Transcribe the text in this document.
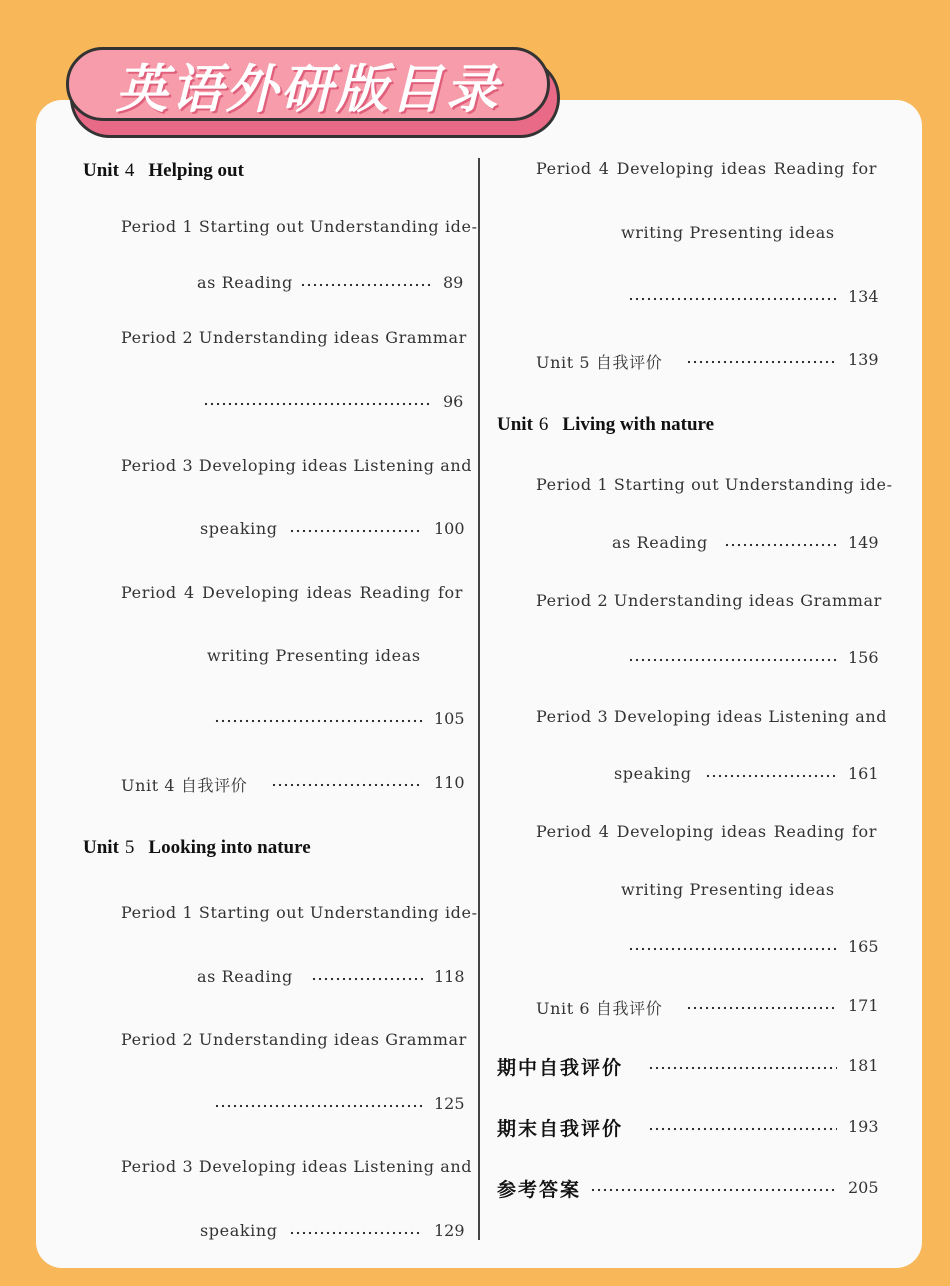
英语外研版目录
Unit 4 Helping out
Period 1 Starting out Understanding ide-
as Reading	89
Period 2 Understanding ideas Grammar
96
Period 3 Developing ideas Listening and
speaking	100
Period 4 Developing ideas Reading for
writing Presenting ideas
105
Unit 4 自我评价	110
Unit 5 Looking into nature
Period 1 Starting out Understanding ide-
as Reading	118
Period 2 Understanding ideas Grammar
125
Period 3 Developing ideas Listening and
speaking	129
Period 4 Developing ideas Reading for
writing Presenting ideas
134
Unit 5 自我评价	139
Unit 6 Living with nature
Period 1 Starting out Understanding ide-
as Reading	149
Period 2 Understanding ideas Grammar
156
Period 3 Developing ideas Listening and
speaking	161
Period 4 Developing ideas Reading for
writing Presenting ideas
165
Unit 6 自我评价	171
期中自我评价	181
期末自我评价	193
参考答案	205
